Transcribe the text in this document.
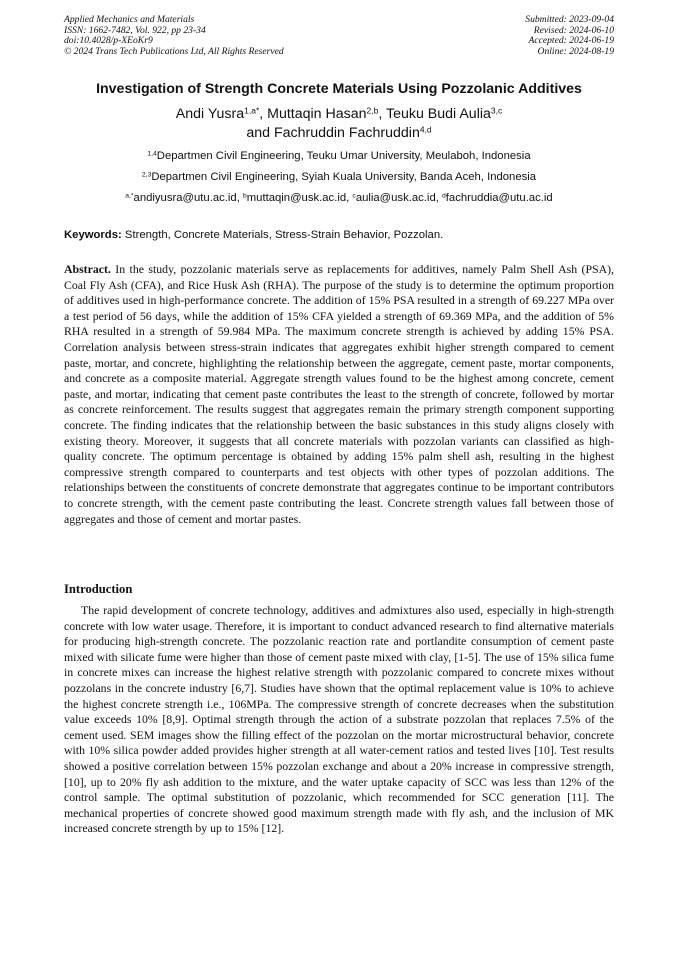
Applied Mechanics and Materials
ISSN: 1662-7482, Vol. 922, pp 23-34
doi:10.4028/p-XEoKr9
© 2024 Trans Tech Publications Ltd, All Rights Reserved
Submitted: 2023-09-04
Revised: 2024-06-10
Accepted: 2024-06-19
Online: 2024-08-19
Investigation of Strength Concrete Materials Using Pozzolanic Additives
Andi Yusra$^{1,a*}$, Muttaqin Hasan$^{2,b}$, Teuku Budi Aulia$^{3,c}$
and Fachruddin Fachruddin$^{4,d}$
$^{1,4}$Departmen Civil Engineering, Teuku Umar University, Meulaboh, Indonesia
$^{2,3}$Departmen Civil Engineering, Syiah Kuala University, Banda Aceh, Indonesia
$^{a,*}$andiyusra@utu.ac.id, $^b$muttaqin@usk.ac.id, $^c$aulia@usk.ac.id, $^d$fachruddia@utu.ac.id
Keywords: Strength, Concrete Materials, Stress-Strain Behavior, Pozzolan.
Abstract. In the study, pozzolanic materials serve as replacements for additives, namely Palm Shell Ash (PSA), Coal Fly Ash (CFA), and Rice Husk Ash (RHA). The purpose of the study is to determine the optimum proportion of additives used in high-performance concrete. The addition of 15% PSA resulted in a strength of 69.227 MPa over a test period of 56 days, while the addition of 15% CFA yielded a strength of 69.369 MPa, and the addition of 5% RHA resulted in a strength of 59.984 MPa. The maximum concrete strength is achieved by adding 15% PSA. Correlation analysis between stress-strain indicates that aggregates exhibit higher strength compared to cement paste, mortar, and concrete, highlighting the relationship between the aggregate, cement paste, mortar components, and concrete as a composite material. Aggregate strength values found to be the highest among concrete, cement paste, and mortar, indicating that cement paste contributes the least to the strength of concrete, followed by mortar as concrete reinforcement. The results suggest that aggregates remain the primary strength component supporting concrete. The finding indicates that the relationship between the basic substances in this study aligns closely with existing theory. Moreover, it suggests that all concrete materials with pozzolan variants can classified as high-quality concrete. The optimum percentage is obtained by adding 15% palm shell ash, resulting in the highest compressive strength compared to counterparts and test objects with other types of pozzolan additions. The relationships between the constituents of concrete demonstrate that aggregates continue to be important contributors to concrete strength, with the cement paste contributing the least. Concrete strength values fall between those of aggregates and those of cement and mortar pastes.
Introduction

The rapid development of concrete technology, additives and admixtures also used, especially in high-strength concrete with low water usage. Therefore, it is important to conduct advanced research to find alternative materials for producing high-strength concrete. The pozzolanic reaction rate and portlandite consumption of cement paste mixed with silicate fume were higher than those of cement paste mixed with clay, [1-5]. The use of 15% silica fume in concrete mixes can increase the highest relative strength with pozzolanic compared to concrete mixes without pozzolans in the concrete industry [6,7]. Studies have shown that the optimal replacement value is 10% to achieve the highest concrete strength i.e., 106MPa. The compressive strength of concrete decreases when the substitution value exceeds 10% [8,9]. Optimal strength through the action of a substrate pozzolan that replaces 7.5% of the cement used. SEM images show the filling effect of the pozzolan on the mortar microstructural behavior, concrete with 10% silica powder added provides higher strength at all water-cement ratios and tested lives [10]. Test results showed a positive correlation between 15% pozzolan exchange and about a 20% increase in compressive strength, [10], up to 20% fly ash addition to the mixture, and the water uptake capacity of SCC was less than 12% of the control sample. The optimal substitution of pozzolanic, which recommended for SCC generation [11]. The mechanical properties of concrete showed good maximum strength made with fly ash, and the inclusion of MK increased concrete strength by up to 15% [12].
